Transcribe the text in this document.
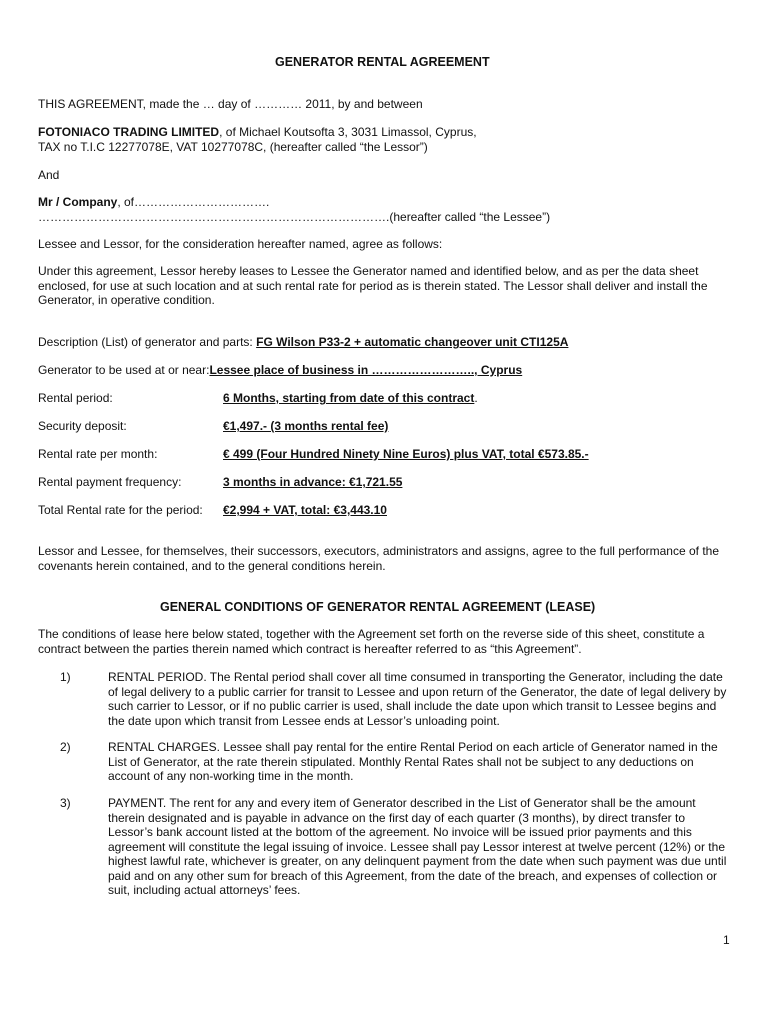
GENERATOR RENTAL AGREEMENT
THIS AGREEMENT, made the … day of ………… 2011, by and between
FOTONIACO TRADING LIMITED, of Michael Koutsofta 3, 3031 Limassol, Cyprus,
TAX no T.I.C 12277078E, VAT 10277078C, (hereafter called “the Lessor”)
And
Mr / Company, of…………………………….
…………………………………………………………………………….(hereafter called “the Lessee”)
Lessee and Lessor, for the consideration hereafter named, agree as follows:
Under this agreement, Lessor hereby leases to Lessee the Generator named and identified below, and as per the data sheet enclosed, for use at such location and at such rental rate for period as is therein stated. The Lessor shall deliver and install the Generator, in operative condition.
Description (List) of generator and parts: FG Wilson P33-2 + automatic changeover unit CTI125A
Generator to be used at or near:Lessee place of business in …………………….., Cyprus
Rental period:	6 Months, starting from date of this contract.
Security deposit:	€1,497.- (3 months rental fee)
Rental rate per month:	€ 499 (Four Hundred Ninety Nine Euros) plus VAT, total €573.85.-
Rental payment frequency:	3 months in advance: €1,721.55
Total Rental rate for the period: €2,994 + VAT, total: €3,443.10
Lessor and Lessee, for themselves, their successors, executors, administrators and assigns, agree to the full performance of the covenants herein contained, and to the general conditions herein.
GENERAL CONDITIONS OF GENERATOR RENTAL AGREEMENT (LEASE)
The conditions of lease here below stated, together with the Agreement set forth on the reverse side of this sheet, constitute a contract between the parties therein named which contract is hereafter referred to as “this Agreement”.
1)	RENTAL PERIOD. The Rental period shall cover all time consumed in transporting the Generator, including the date of legal delivery to a public carrier for transit to Lessee and upon return of the Generator, the date of legal delivery by such carrier to Lessor, or if no public carrier is used, shall include the date upon which transit to Lessee begins and the date upon which transit from Lessee ends at Lessor’s unloading point.
2)	RENTAL CHARGES. Lessee shall pay rental for the entire Rental Period on each article of Generator named in the List of Generator, at the rate therein stipulated. Monthly Rental Rates shall not be subject to any deductions on account of any non-working time in the month.
3)	PAYMENT. The rent for any and every item of Generator described in the List of Generator shall be the amount therein designated and is payable in advance on the first day of each quarter (3 months), by direct transfer to Lessor’s bank account listed at the bottom of the agreement. No invoice will be issued prior payments and this agreement will constitute the legal issuing of invoice. Lessee shall pay Lessor interest at twelve percent (12%) or the highest lawful rate, whichever is greater, on any delinquent payment from the date when such payment was due until paid and on any other sum for breach of this Agreement, from the date of the breach, and expenses of collection or suit, including actual attorneys’ fees.
1
